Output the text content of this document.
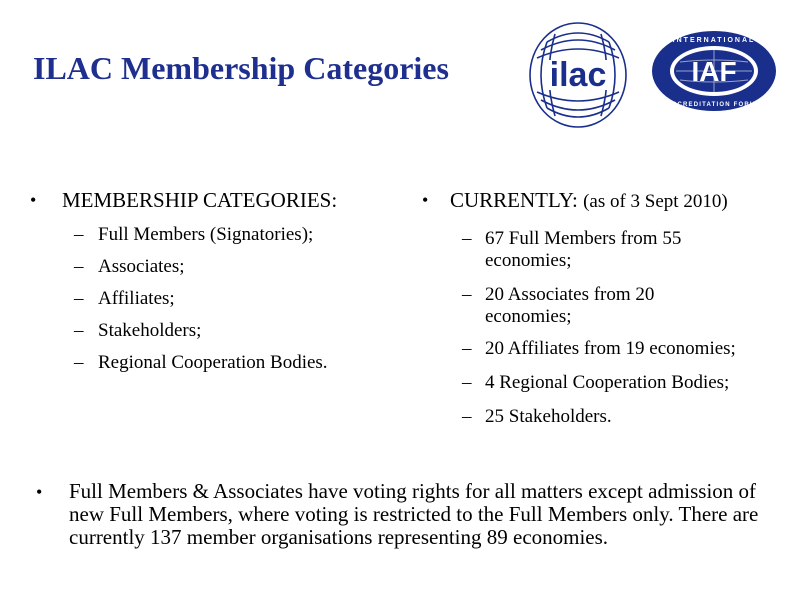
ILAC Membership Categories	ilac	IAF
INTERNATIONAL
ACCREDITATION FORUM
• MEMBERSHIP CATEGORIES:
– Full Members (Signatories);
– Associates;
– Affiliates;
– Stakeholders;
– Regional Cooperation Bodies.
• CURRENTLY: (as of 3 Sept 2010)
– 67 Full Members from 55
economies;
– 20 Associates from 20
economies;
– 20 Affiliates from 19 economies;
– 4 Regional Cooperation Bodies;
– 25 Stakeholders.
• Full Members & Associates have voting rights for all matters except admission of new Full Members, where voting is restricted to the Full Members only. There are currently 137 member organisations representing 89 economies.
